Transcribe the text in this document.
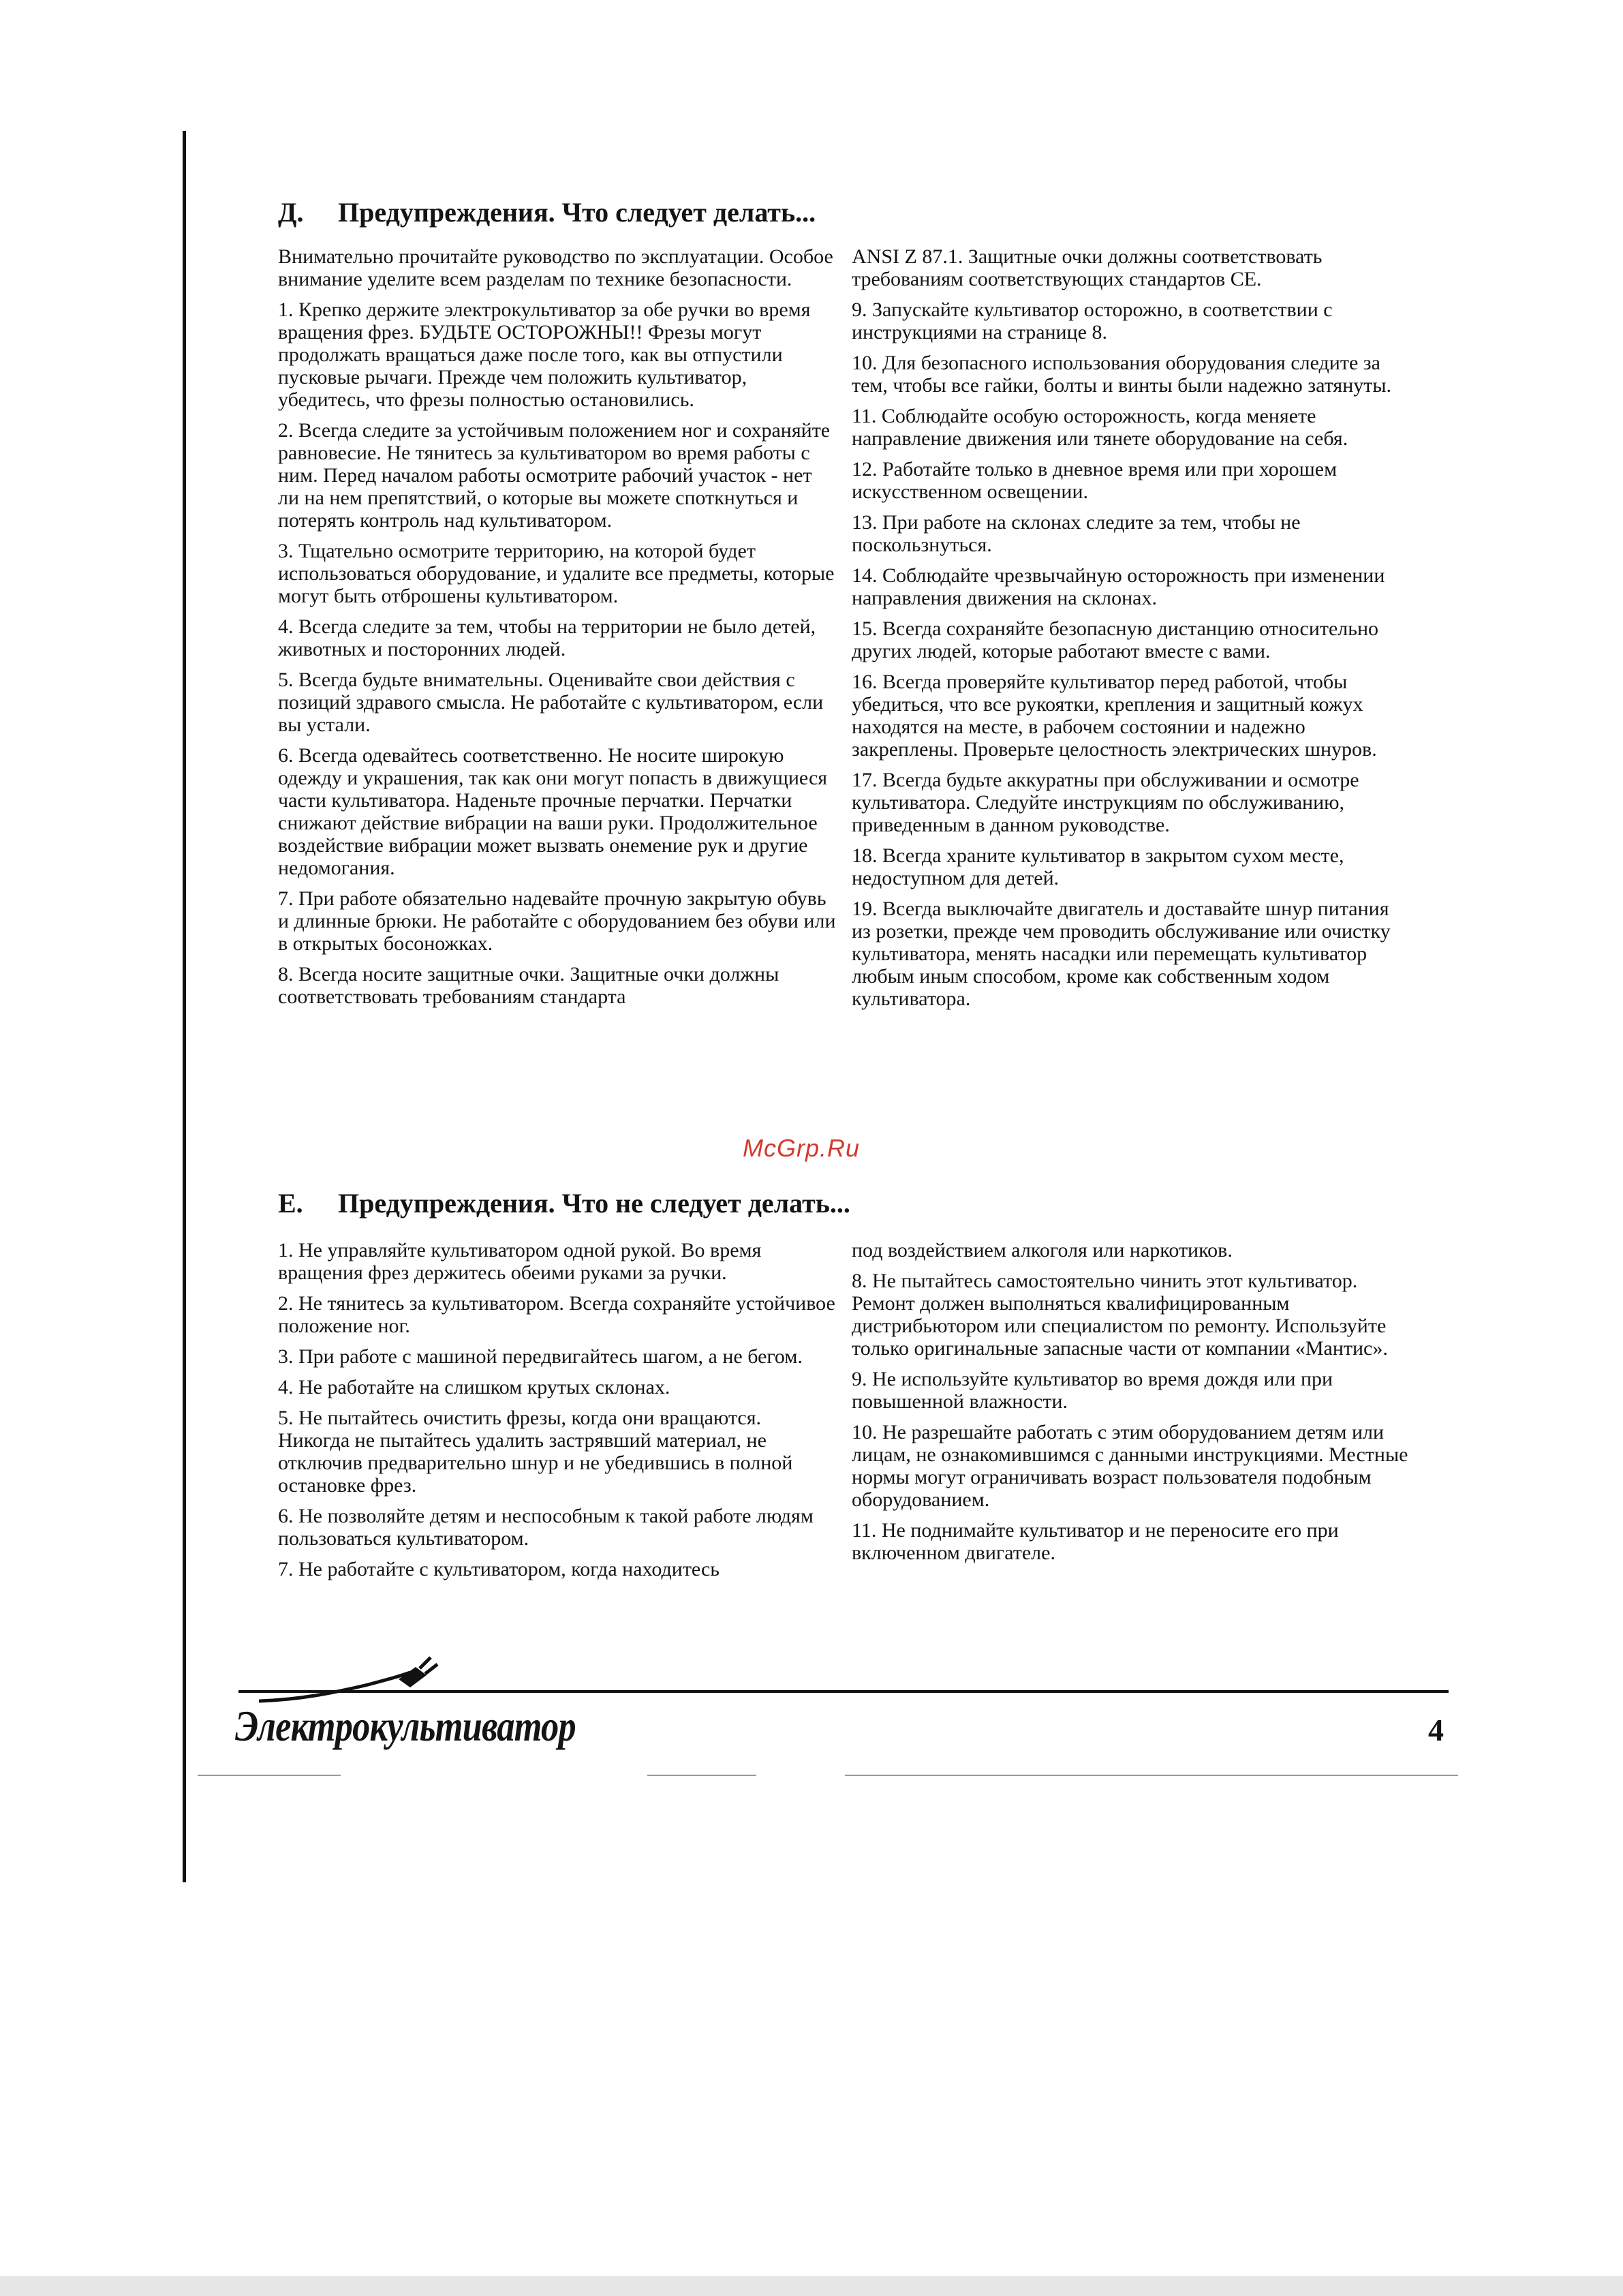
Д. Предупреждения. Что следует делать...

Внимательно прочитайте руководство по эксплуатации. Особое внимание уделите всем разделам по технике безопасности.

1. Крепко держите электрокультиватор за обе ручки во время вращения фрез. БУДЬТЕ ОСТОРОЖНЫ!! Фрезы могут продолжать вращаться даже после того, как вы отпустили пусковые рычаги. Прежде чем положить культиватор, убедитесь, что фрезы полностью остановились.

2. Всегда следите за устойчивым положением ног и сохраняйте равновесие. Не тянитесь за культиватором во время работы с ним. Перед началом работы осмотрите рабочий участок - нет ли на нем препятствий, о которые вы можете споткнуться и потерять контроль над культиватором.

3. Тщательно осмотрите территорию, на которой будет использоваться оборудование, и удалите все предметы, которые могут быть отброшены культиватором.

4. Всегда следите за тем, чтобы на территории не было детей, животных и посторонних людей.

5. Всегда будьте внимательны. Оценивайте свои действия с позиций здравого смысла. Не работайте с культиватором, если вы устали.

6. Всегда одевайтесь соответственно. Не носите широкую одежду и украшения, так как они могут попасть в движущиеся части культиватора. Наденьте прочные перчатки. Перчатки снижают действие вибрации на ваши руки. Продолжительное воздействие вибрации может вызвать онемение рук и другие недомогания.

7. При работе обязательно надевайте прочную закрытую обувь и длинные брюки. Не работайте с оборудованием без обуви или в открытых босоножках.

8. Всегда носите защитные очки. Защитные очки должны соответствовать требованиям стандарта

ANSI Z 87.1. Защитные очки должны соответствовать требованиям соответствующих стандартов CE.

9. Запускайте культиватор осторожно, в соответствии с инструкциями на странице 8.

10. Для безопасного использования оборудования следите за тем, чтобы все гайки, болты и винты были надежно затянуты.

11. Соблюдайте особую осторожность, когда меняете направление движения или тянете оборудование на себя.

12. Работайте только в дневное время или при хорошем искусственном освещении.

13. При работе на склонах следите за тем, чтобы не поскользнуться.

14. Соблюдайте чрезвычайную осторожность при изменении направления движения на склонах.

15. Всегда сохраняйте безопасную дистанцию относительно других людей, которые работают вместе с вами.

16. Всегда проверяйте культиватор перед работой, чтобы убедиться, что все рукоятки, крепления и защитный кожух находятся на месте, в рабочем состоянии и надежно закреплены. Проверьте целостность электрических шнуров.

17. Всегда будьте аккуратны при обслуживании и осмотре культиватора. Следуйте инструкциям по обслуживанию, приведенным в данном руководстве.

18. Всегда храните культиватор в закрытом сухом месте, недоступном для детей.

19. Всегда выключайте двигатель и доставайте шнур питания из розетки, прежде чем проводить обслуживание или очистку культиватора, менять насадки или перемещать культиватор любым иным способом, кроме как собственным ходом культиватора.

McGrp.Ru
Е. Предупреждения. Что не следует делать...

1. Не управляйте культиватором одной рукой. Во время вращения фрез держитесь обеими руками за ручки.

2. Не тянитесь за культиватором. Всегда сохраняйте устойчивое положение ног.

3. При работе с машиной передвигайтесь шагом, а не бегом.

4. Не работайте на слишком крутых склонах.

5. Не пытайтесь очистить фрезы, когда они вращаются. Никогда не пытайтесь удалить застрявший материал, не отключив предварительно шнур и не убедившись в полной остановке фрез.

6. Не позволяйте детям и неспособным к такой работе людям пользоваться культиватором.

7. Не работайте с культиватором, когда находитесь

под воздействием алкоголя или наркотиков.

8. Не пытайтесь самостоятельно чинить этот культиватор. Ремонт должен выполняться квалифицированным дистрибьютором или специалистом по ремонту. Используйте только оригинальные запасные части от компании «Мантис».

9. Не используйте культиватор во время дождя или при повышенной влажности.

10. Не разрешайте работать с этим оборудованием детям или лицам, не ознакомившимся с данными инструкциями. Местные нормы могут ограничивать возраст пользователя подобным оборудованием.

11. Не поднимайте культиватор и не переносите его при включенном двигателе.

Электрокультиватор	4
